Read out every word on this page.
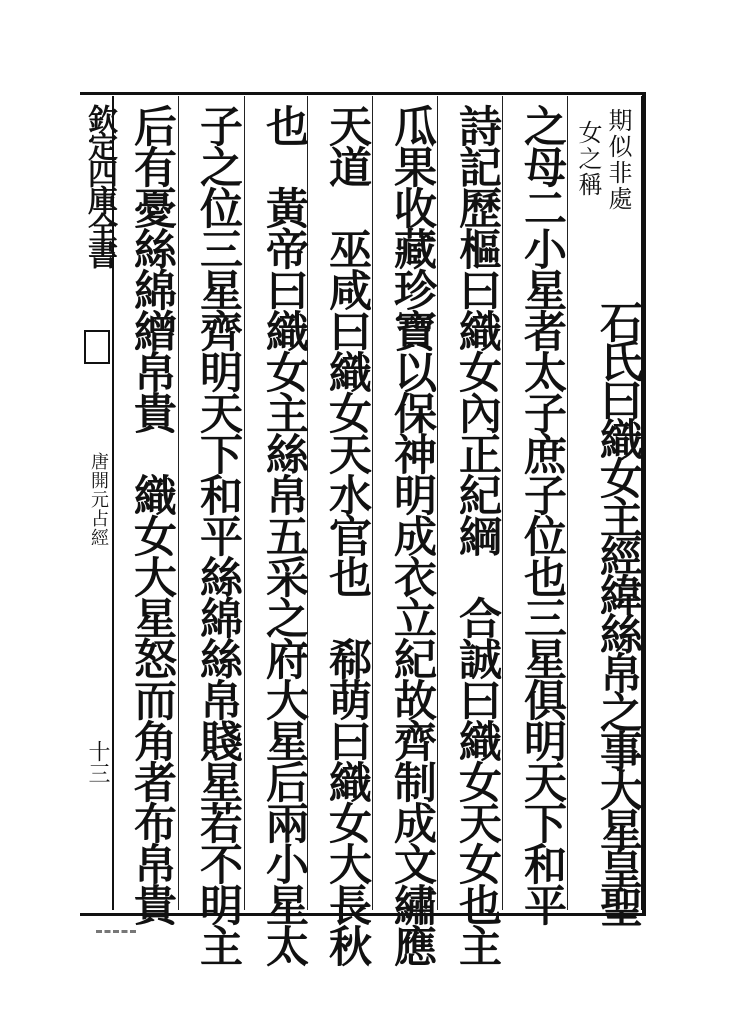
欽定四庫全書
唐開元占經
十三
期似非處
女之稱
石氏曰織女主經緯絲帛之事大星皇聖
之母二小星者太子庶子位也三星俱明天下和平
詩記歷樞曰織女內正紀綱　合誠曰織女天女也主
瓜果收藏珍寶以保神明成衣立紀故齊制成文繡應
天道　巫咸曰織女天水官也　郗萌曰織女大長秋
也　黃帝曰織女主絲帛五采之府大星后兩小星太
子之位三星齊明天下和平絲綿絲帛賤星若不明主
后有憂絲綿繒帛貴　織女大星怒而角者布帛貴
